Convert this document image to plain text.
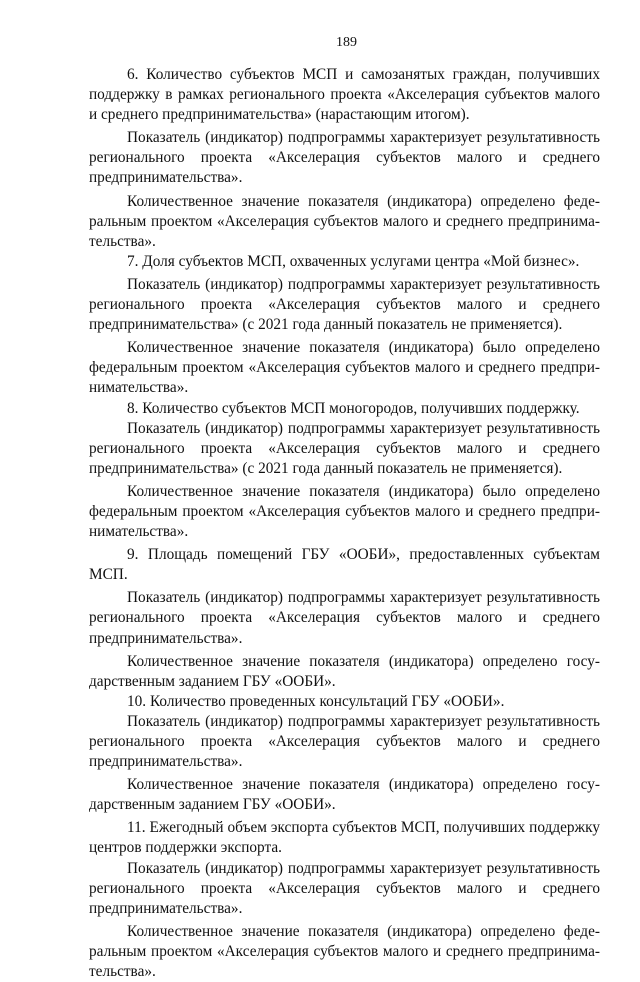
189

6. Количество субъектов МСП и самозанятых граждан, получивших поддержку в рамках регионального проекта «Акселерация субъектов малого и среднего предпринимательства» (нарастающим итогом).

Показатель (индикатор) подпрограммы характеризует результативность регионального проекта «Акселерация субъектов малого и среднего предпринимательства».

Количественное значение показателя (индикатора) определено федеральным проектом «Акселерация субъектов малого и среднего предпринимательства».

7. Доля субъектов МСП, охваченных услугами центра «Мой бизнес».

Показатель (индикатор) подпрограммы характеризует результативность регионального проекта «Акселерация субъектов малого и среднего предпринимательства» (с 2021 года данный показатель не применяется).

Количественное значение показателя (индикатора) было определено федеральным проектом «Акселерация субъектов малого и среднего предпринимательства».

8. Количество субъектов МСП моногородов, получивших поддержку.

Показатель (индикатор) подпрограммы характеризует результативность регионального проекта «Акселерация субъектов малого и среднего предпринимательства» (с 2021 года данный показатель не применяется).

Количественное значение показателя (индикатора) было определено федеральным проектом «Акселерация субъектов малого и среднего предпринимательства».

9. Площадь помещений ГБУ «ООБИ», предоставленных субъектам МСП.

Показатель (индикатор) подпрограммы характеризует результативность регионального проекта «Акселерация субъектов малого и среднего предпринимательства».

Количественное значение показателя (индикатора) определено государственным заданием ГБУ «ООБИ».

10. Количество проведенных консультаций ГБУ «ООБИ».

Показатель (индикатор) подпрограммы характеризует результативность регионального проекта «Акселерация субъектов малого и среднего предпринимательства».

Количественное значение показателя (индикатора) определено государственным заданием ГБУ «ООБИ».

11. Ежегодный объем экспорта субъектов МСП, получивших поддержку центров поддержки экспорта.

Показатель (индикатор) подпрограммы характеризует результативность регионального проекта «Акселерация субъектов малого и среднего предпринимательства».

Количественное значение показателя (индикатора) определено федеральным проектом «Акселерация субъектов малого и среднего предпринимательства».
